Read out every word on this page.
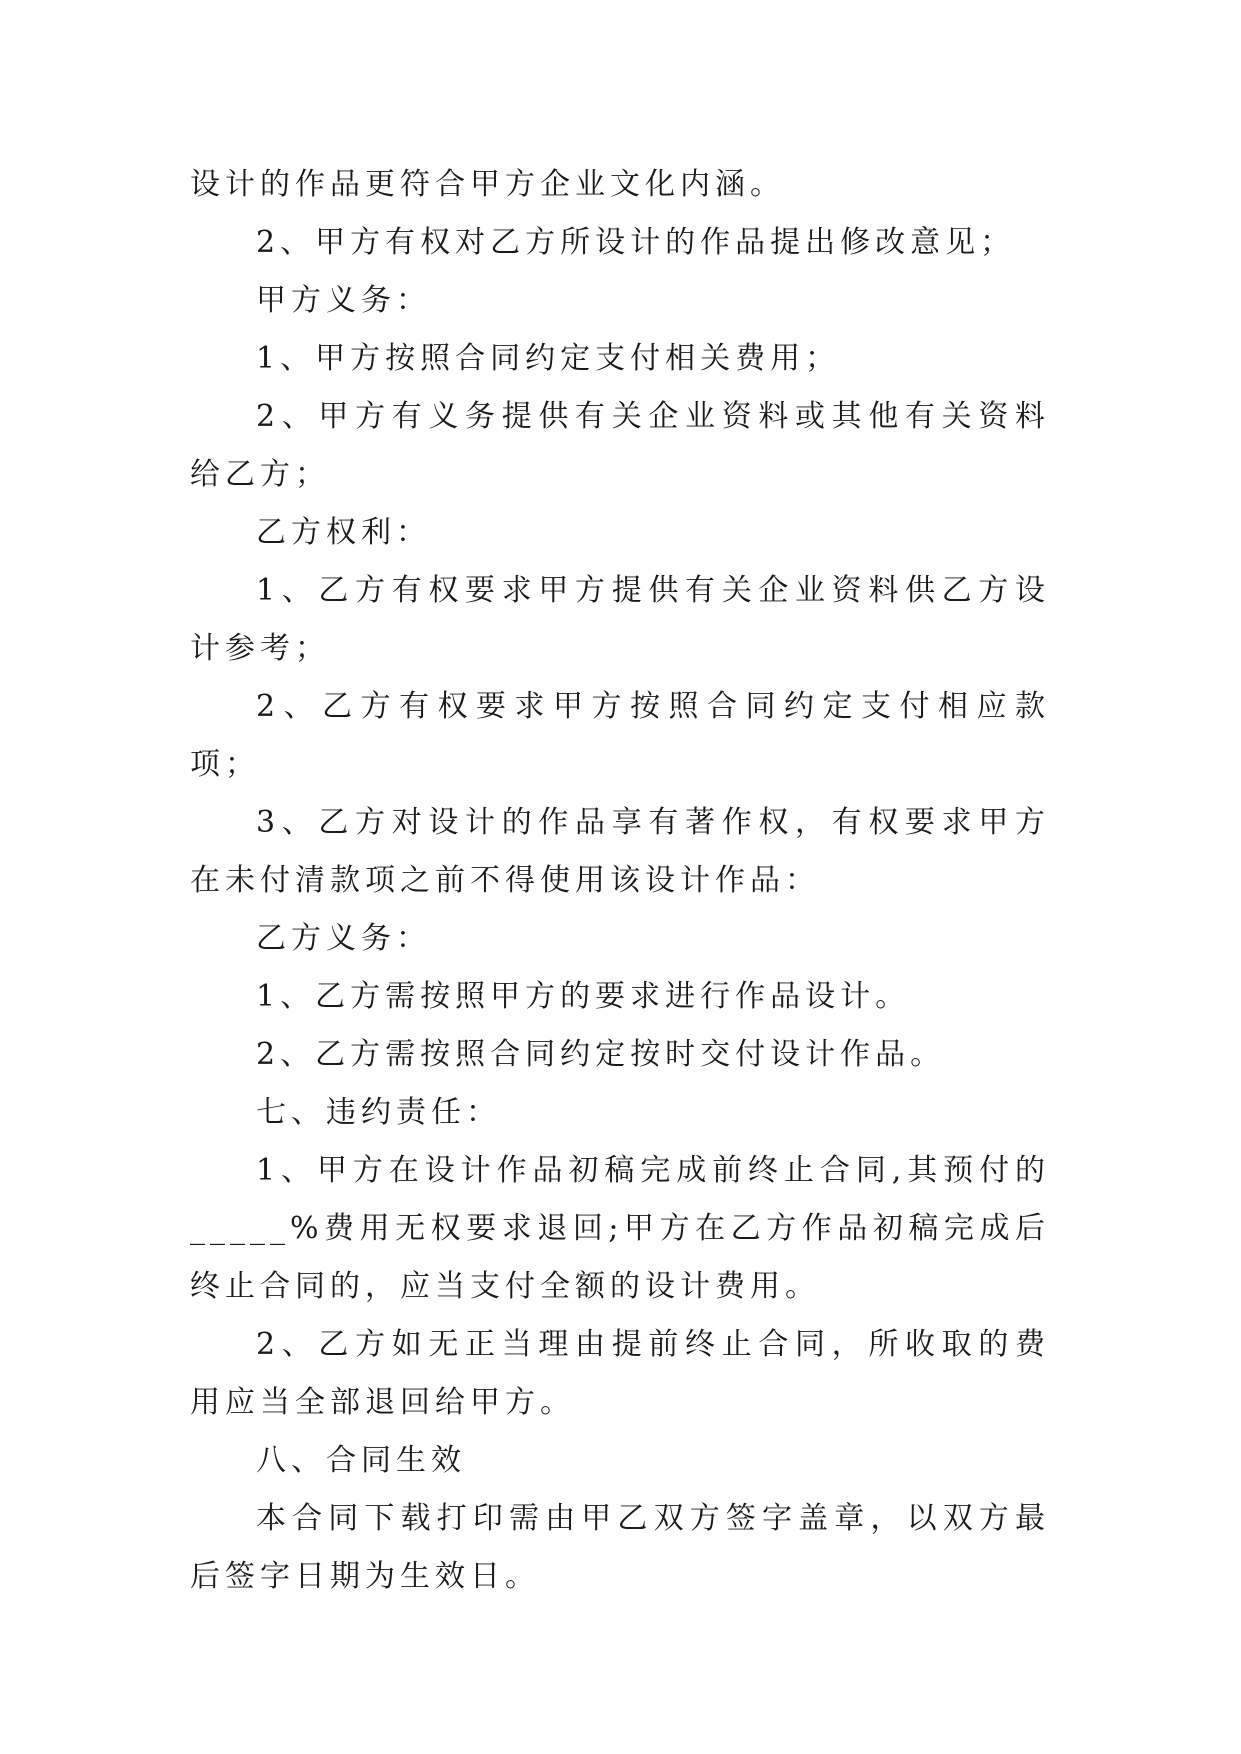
设计的作品更符合甲方企业文化内涵。

2、甲方有权对乙方所设计的作品提出修改意见；

甲方义务：

1、甲方按照合同约定支付相关费用；

2、甲方有义务提供有关企业资料或其他有关资料给乙方；

乙方权利：

1、乙方有权要求甲方提供有关企业资料供乙方设计参考；

2、乙方有权要求甲方按照合同约定支付相应款项；

3、乙方对设计的作品享有著作权，有权要求甲方在未付清款项之前不得使用该设计作品：

乙方义务：

1、乙方需按照甲方的要求进行作品设计。

2、乙方需按照合同约定按时交付设计作品。

七、违约责任：

1、甲方在设计作品初稿完成前终止合同,其预付的_____%费用无权要求退回;甲方在乙方作品初稿完成后终止合同的，应当支付全额的设计费用。

2、乙方如无正当理由提前终止合同，所收取的费用应当全部退回给甲方。

八、合同生效

本合同下载打印需由甲乙双方签字盖章，以双方最后签字日期为生效日。
